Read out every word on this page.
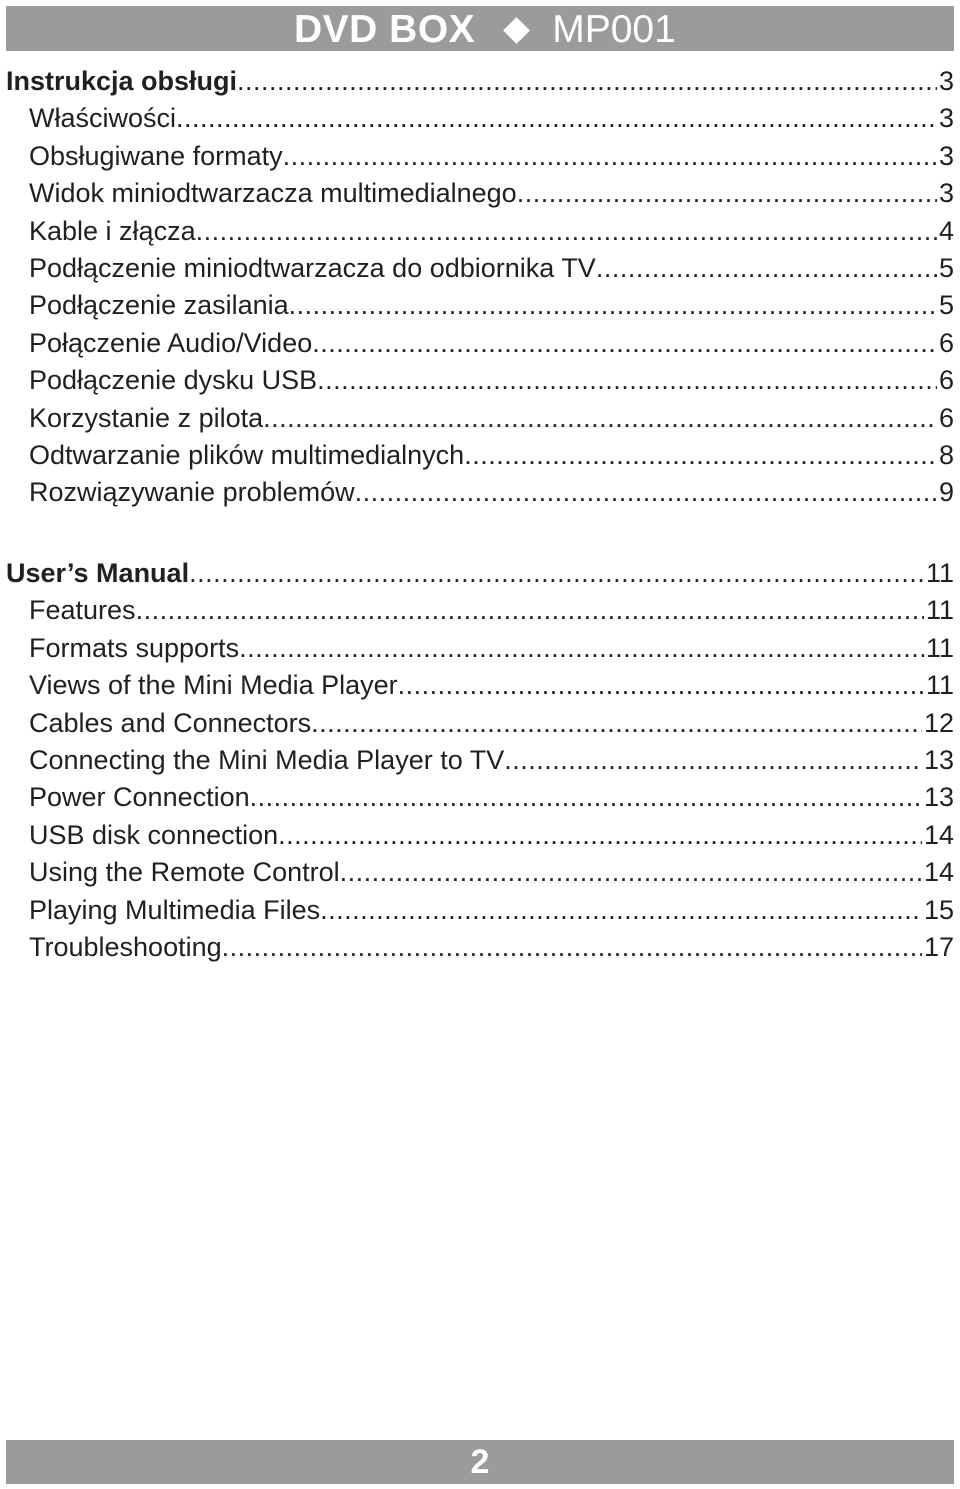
DVD BOX MP001
Instrukcja obsługi .....	3
Właściwości .....	3
Obsługiwane formaty .....	3
Widok miniodtwarzacza multimedialnego .....	3
Kable i złącza .....	4
Podłączenie miniodtwarzacza do odbiornika TV .....	5
Podłączenie zasilania .....	5
Połączenie Audio/Video .....	6
Podłączenie dysku USB .....	6
Korzystanie z pilota .....	6
Odtwarzanie plików multimedialnych .....	8
Rozwiązywanie problemów .....	9
User’s Manual .....	11
Features .....	11
Formats supports .....	11
Views of the Mini Media Player .....	11
Cables and Connectors .....	12
Connecting the Mini Media Player to TV .....	13
Power Connection .....	13
USB disk connection .....	14
Using the Remote Control .....	14
Playing Multimedia Files .....	15
Troubleshooting .....	17
2
